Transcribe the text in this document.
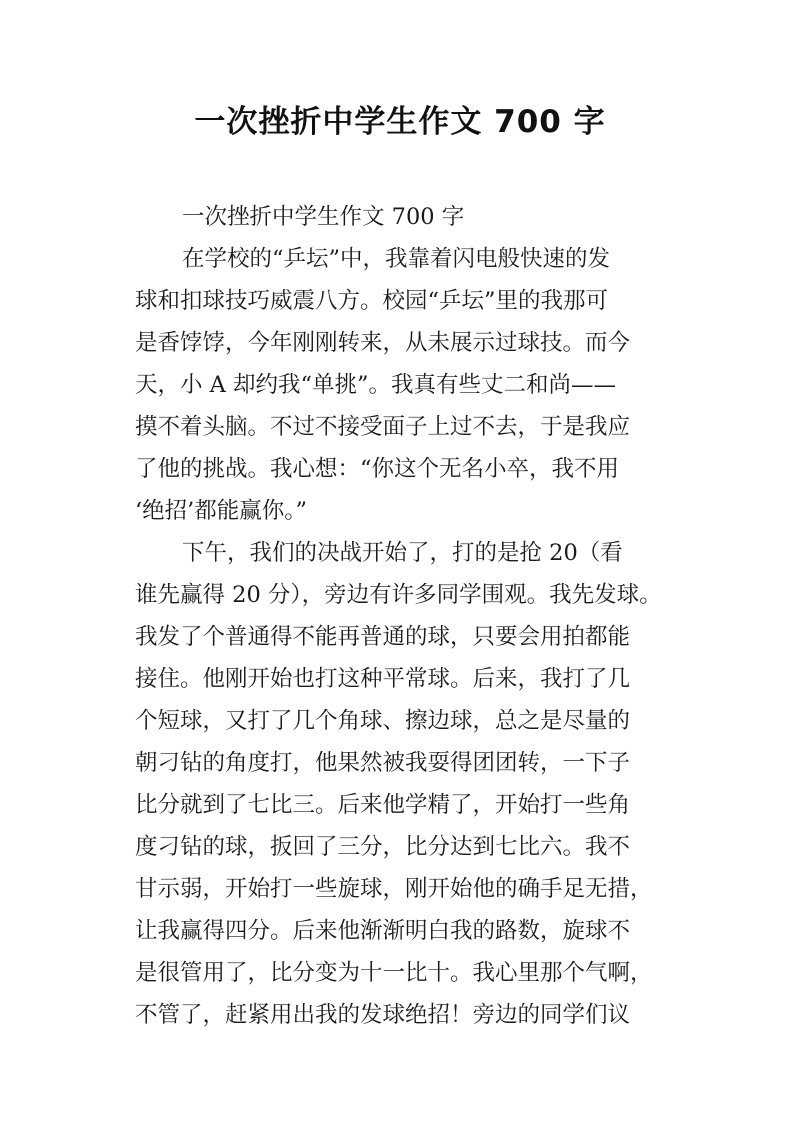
一次挫折中学生作文 700 字
一次挫折中学生作文 700 字
在学校的“乒坛”中，我靠着闪电般快速的发
球和扣球技巧威震八方。校园“乒坛”里的我那可
是香饽饽，今年刚刚转来，从未展示过球技。而今
天，小 A 却约我“单挑”。我真有些丈二和尚——
摸不着头脑。不过不接受面子上过不去，于是我应
了他的挑战。我心想：“你这个无名小卒，我不用
‘绝招’都能赢你。”
下午，我们的决战开始了，打的是抢 20（看
谁先赢得 20 分），旁边有许多同学围观。我先发球。
我发了个普通得不能再普通的球，只要会用拍都能
接住。他刚开始也打这种平常球。后来，我打了几
个短球，又打了几个角球、擦边球，总之是尽量的
朝刁钻的角度打，他果然被我耍得团团转，一下子
比分就到了七比三。后来他学精了，开始打一些角
度刁钻的球，扳回了三分，比分达到七比六。我不
甘示弱，开始打一些旋球，刚开始他的确手足无措，
让我赢得四分。后来他渐渐明白我的路数，旋球不
是很管用了，比分变为十一比十。我心里那个气啊，
不管了，赶紧用出我的发球绝招！旁边的同学们议
